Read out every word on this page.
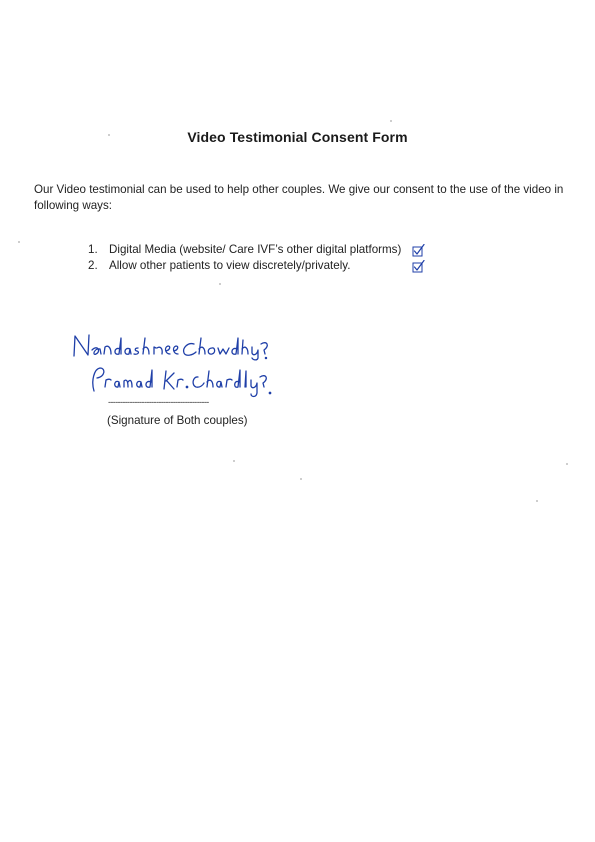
Video Testimonial Consent Form
Our Video testimonial can be used to help other couples. We give our consent to the use of the video in following ways:
1. Digital Media (website/ Care IVF’s other digital platforms)
2. Allow other patients to view discretely/privately.
------------------------------------------
(Signature of Both couples)
